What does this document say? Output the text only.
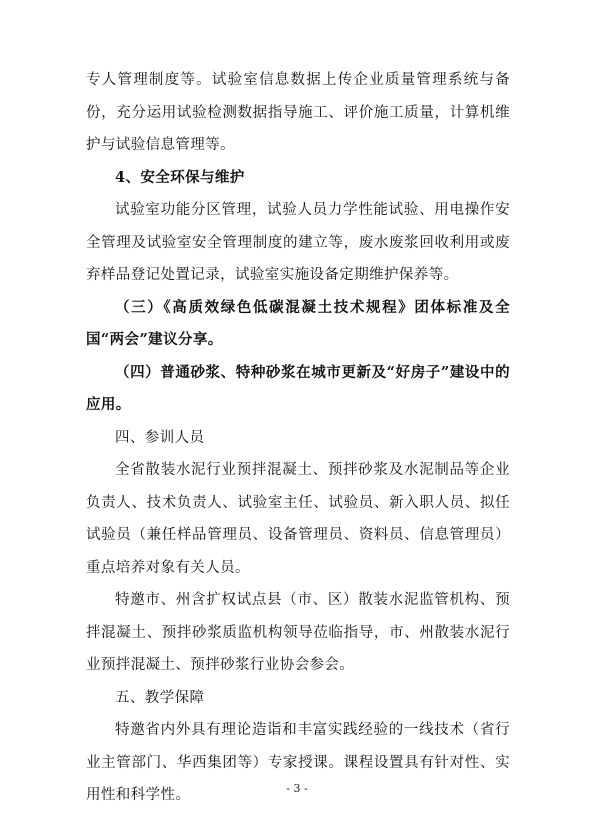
专人管理制度等。试验室信息数据上传企业质量管理系统与备份，充分运用试验检测数据指导施工、评价施工质量，计算机维护与试验信息管理等。

4、安全环保与维护

试验室功能分区管理，试验人员力学性能试验、用电操作安全管理及试验室安全管理制度的建立等，废水废浆回收利用或废弃样品登记处置记录，试验室实施设备定期维护保养等。

（三）《高质效绿色低碳混凝土技术规程》团体标准及全国“两会”建议分享。

（四）普通砂浆、特种砂浆在城市更新及“好房子”建设中的应用。

四、参训人员

全省散装水泥行业预拌混凝土、预拌砂浆及水泥制品等企业负责人、技术负责人、试验室主任、试验员、新入职人员、拟任试验员（兼任样品管理员、设备管理员、资料员、信息管理员）重点培养对象有关人员。

特邀市、州含扩权试点县（市、区）散装水泥监管机构、预拌混凝土、预拌砂浆质监机构领导莅临指导，市、州散装水泥行业预拌混凝土、预拌砂浆行业协会参会。

五、教学保障

特邀省内外具有理论造诣和丰富实践经验的一线技术（省行业主管部门、华西集团等）专家授课。课程设置具有针对性、实用性和科学性。	- 3 -
